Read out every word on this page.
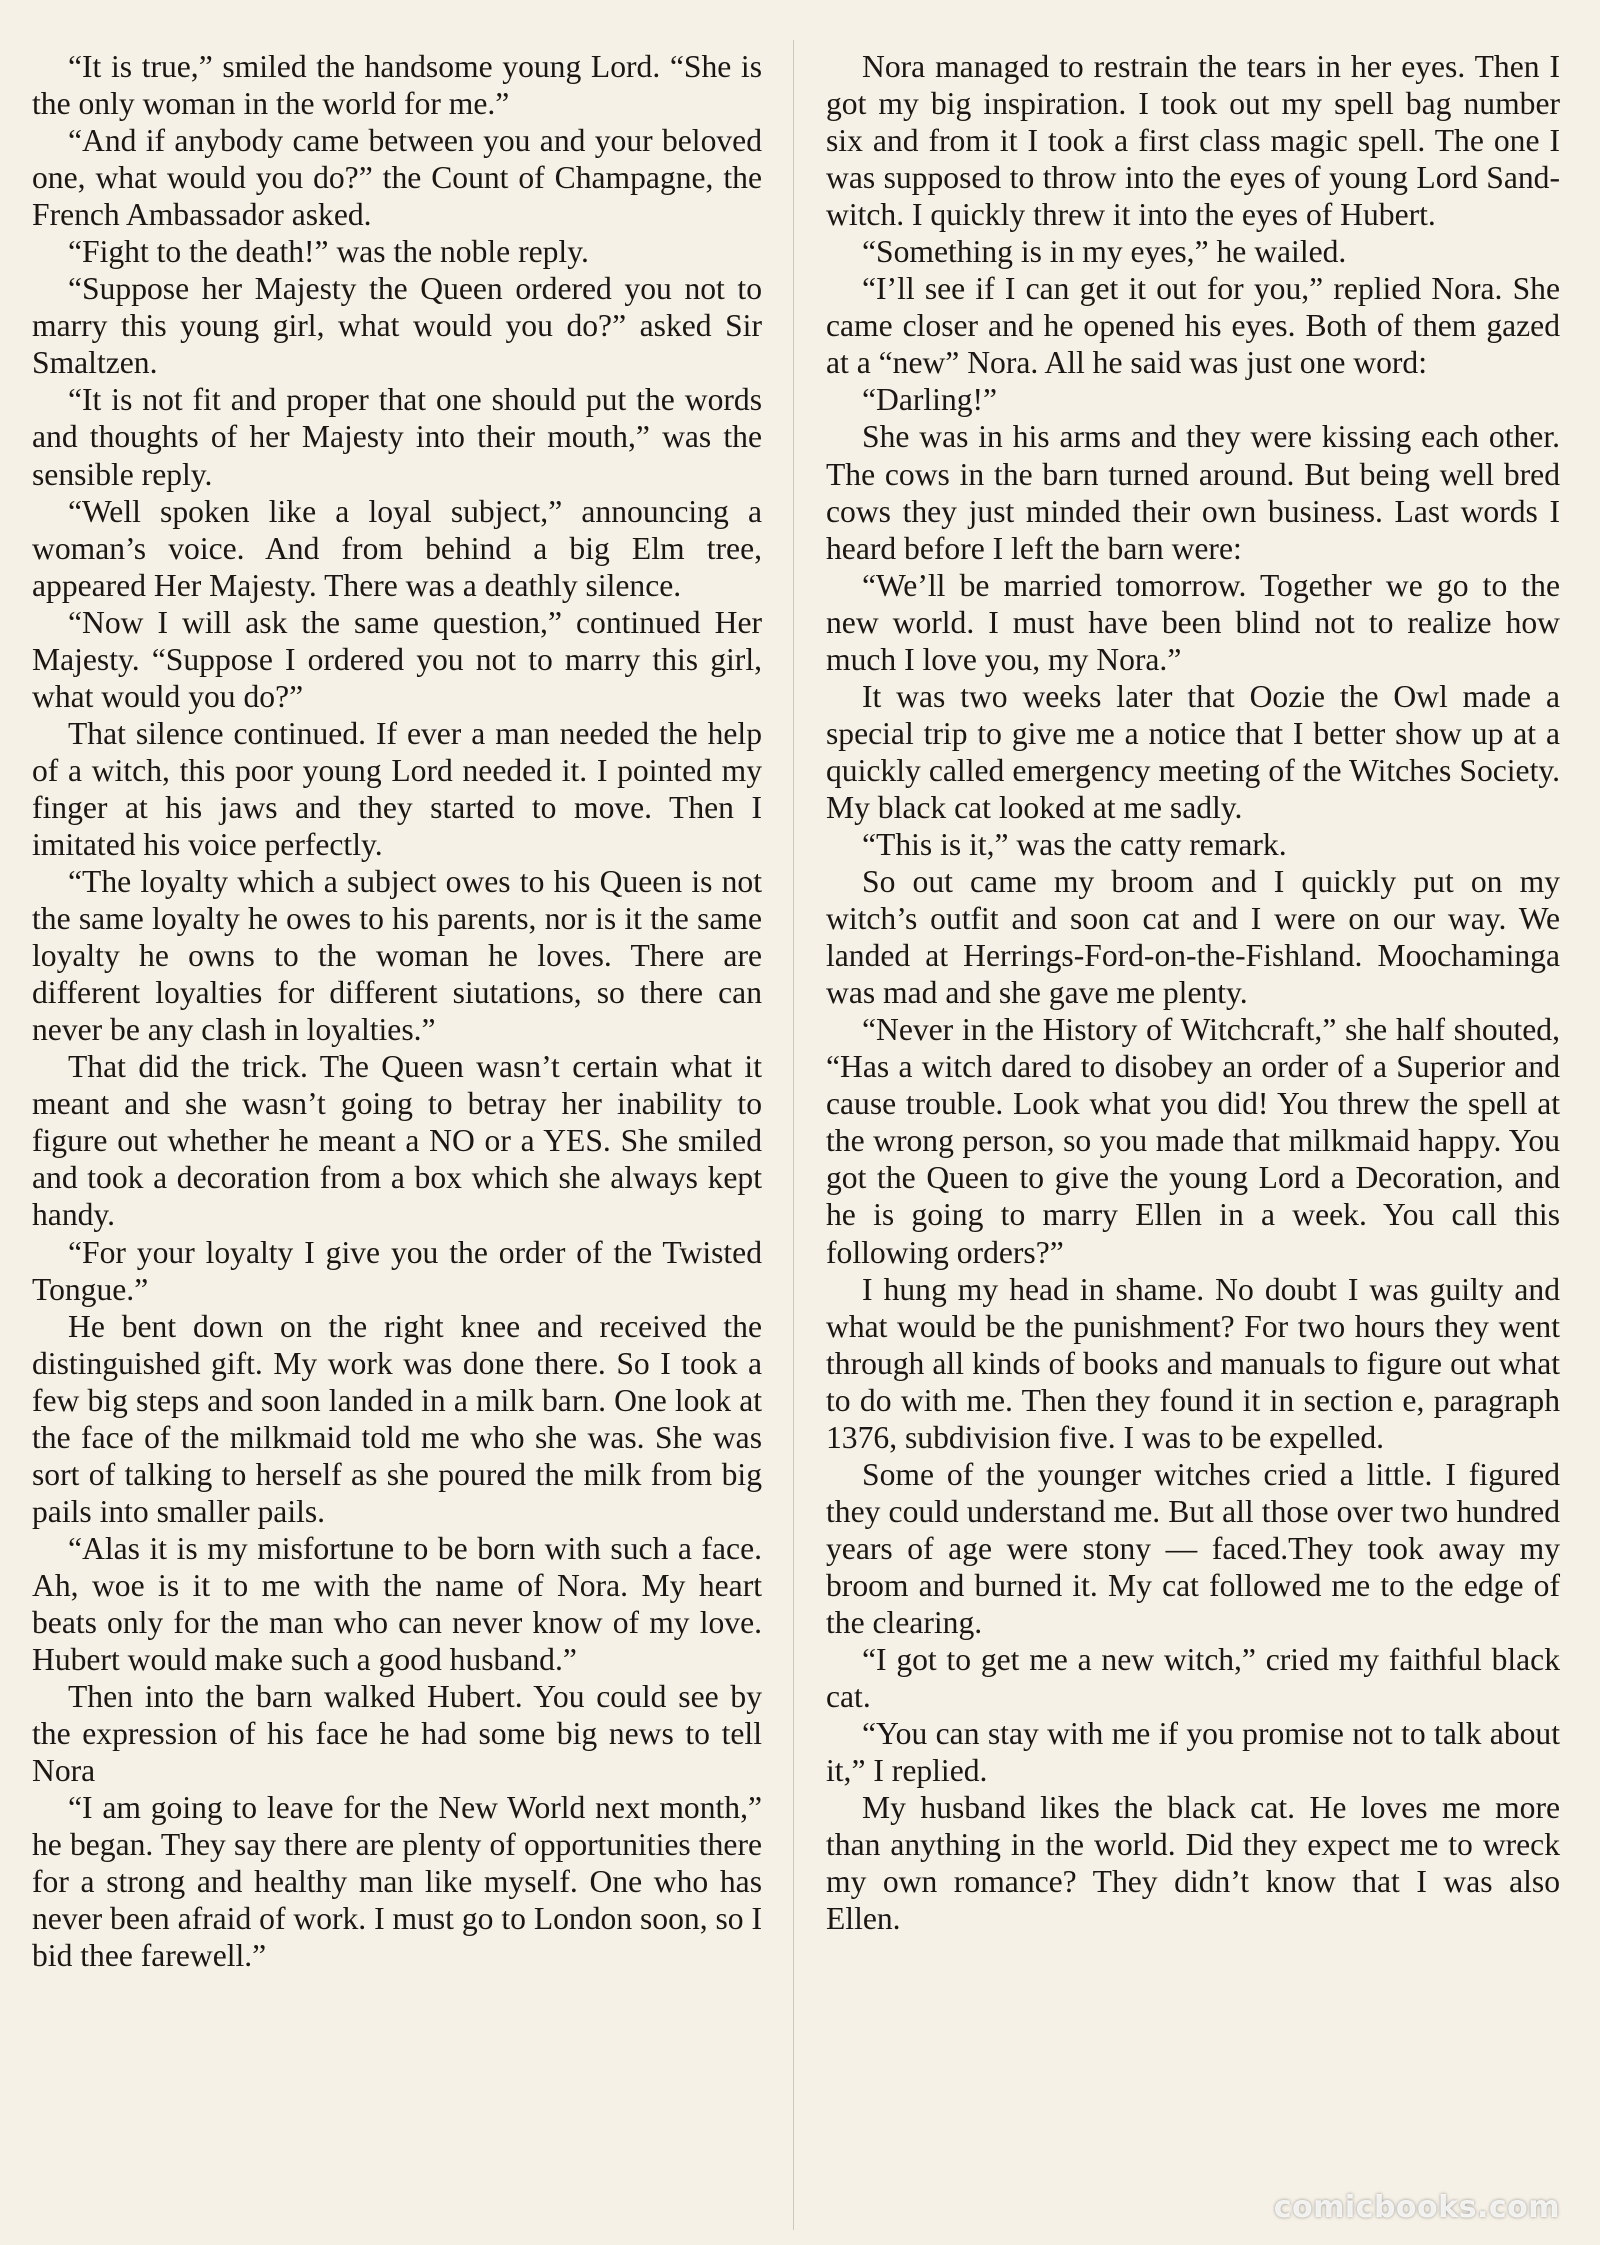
“It is true,” smiled the handsome young Lord. “She is the only woman in the world for me.”

“And if anybody came between you and your beloved one, what would you do?” the Count of Champagne, the French Ambassador asked.

“Fight to the death!” was the noble reply.

“Suppose her Majesty the Queen ordered you not to marry this young girl, what would you do?” asked Sir Smaltzen.

“It is not fit and proper that one should put the words and thoughts of her Majesty into their mouth,” was the sensible reply.

“Well spoken like a loyal subject,” announcing a woman’s voice. And from behind a big Elm tree, appeared Her Majesty. There was a deathly silence.

“Now I will ask the same question,” continued Her Majesty. “Suppose I ordered you not to marry this girl, what would you do?”

That silence continued. If ever a man needed the help of a witch, this poor young Lord needed it. I pointed my finger at his jaws and they started to move. Then I imitated his voice perfectly.

“The loyalty which a subject owes to his Queen is not the same loyalty he owes to his parents, nor is it the same loyalty he owns to the woman he loves. There are different loyalties for different siutations, so there can never be any clash in loyalties.”

That did the trick. The Queen wasn’t certain what it meant and she wasn’t going to betray her inability to figure out whether he meant a NO or a YES. She smiled and took a decoration from a box which she always kept handy.

“For your loyalty I give you the order of the Twisted Tongue.”

He bent down on the right knee and received the distinguished gift. My work was done there. So I took a few big steps and soon landed in a milk barn. One look at the face of the milkmaid told me who she was. She was sort of talking to herself as she poured the milk from big pails into smaller pails.

“Alas it is my misfortune to be born with such a face. Ah, woe is it to me with the name of Nora. My heart beats only for the man who can never know of my love. Hubert would make such a good husband.”

Then into the barn walked Hubert. You could see by the expression of his face he had some big news to tell Nora

“I am going to leave for the New World next month,” he began. They say there are plenty of opportunities there for a strong and healthy man like myself. One who has never been afraid of work. I must go to London soon, so I bid thee farewell.”

Nora managed to restrain the tears in her eyes. Then I got my big inspiration. I took out my spell bag number six and from it I took a first class magic spell. The one I was supposed to throw into the eyes of young Lord Sandwitch. I quickly threw it into the eyes of Hubert.

“Something is in my eyes,” he wailed.

“I’ll see if I can get it out for you,” replied Nora. She came closer and he opened his eyes. Both of them gazed at a “new” Nora. All he said was just one word:

“Darling!”

She was in his arms and they were kissing each other. The cows in the barn turned around. But being well bred cows they just minded their own business. Last words I heard before I left the barn were:

“We’ll be married tomorrow. Together we go to the new world. I must have been blind not to realize how much I love you, my Nora.”

It was two weeks later that Oozie the Owl made a special trip to give me a notice that I better show up at a quickly called emergency meeting of the Witches Society. My black cat looked at me sadly.

“This is it,” was the catty remark.

So out came my broom and I quickly put on my witch’s outfit and soon cat and I were on our way. We landed at Herrings-Ford-on-the-Fishland. Moochaminga was mad and she gave me plenty.

“Never in the History of Witchcraft,” she half shouted, “Has a witch dared to disobey an order of a Superior and cause trouble. Look what you did! You threw the spell at the wrong person, so you made that milkmaid happy. You got the Queen to give the young Lord a Decoration, and he is going to marry Ellen in a week. You call this following orders?”

I hung my head in shame. No doubt I was guilty and what would be the punishment? For two hours they went through all kinds of books and manuals to figure out what to do with me. Then they found it in section e, paragraph 1376, subdivision five. I was to be expelled.

Some of the younger witches cried a little. I figured they could understand me. But all those over two hundred years of age were stony — faced.They took away my broom and burned it. My cat followed me to the edge of the clearing.

“I got to get me a new witch,” cried my faithful black cat.

“You can stay with me if you promise not to talk about it,” I replied.

My husband likes the black cat. He loves me more than anything in the world. Did they expect me to wreck my own romance? They didn’t know that I was also Ellen.

comicbooks.com
